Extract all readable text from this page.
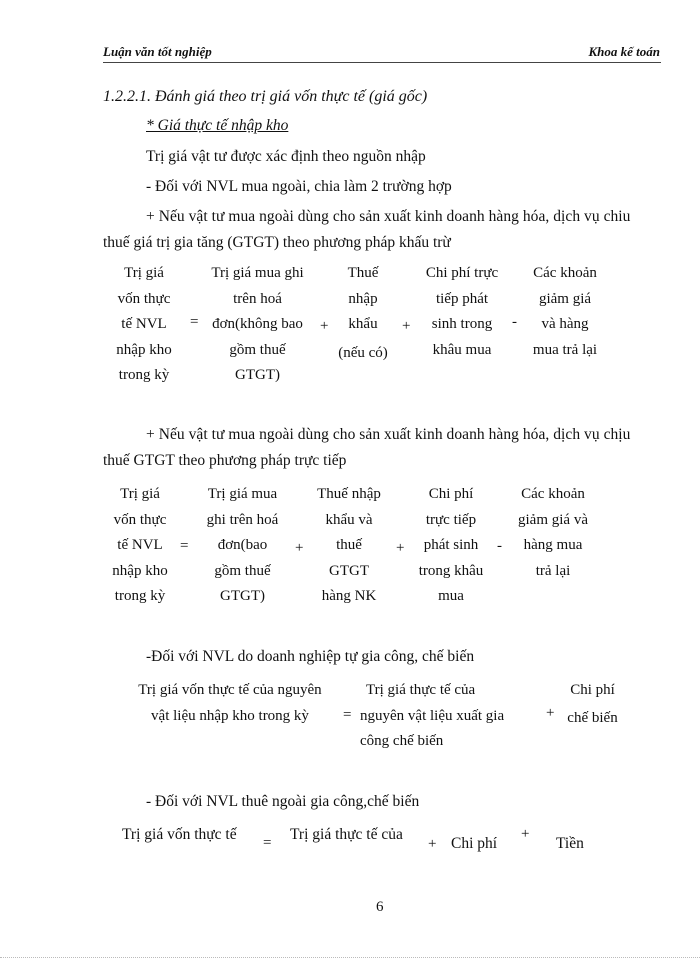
Luận văn tốt nghiệp	Khoa kế toán
1.2.2.1. Đánh giá theo trị giá vốn thực tế (giá gốc)
* Giá thực tế nhập kho
Trị giá vật tư được xác định theo nguồn nhập
- Đối với NVL mua ngoài, chia làm 2 trường hợp
+ Nếu vật tư mua ngoài dùng cho sản xuất kinh doanh hàng hóa, dịch vụ chiu
thuế giá trị gia tăng (GTGT) theo phương pháp khấu trừ
Trị giá
vốn thực
tế NVL
nhập kho
trong kỳ
=
Trị giá mua ghi
trên hoá
đơn(không bao
gồm thuế
GTGT)
+
Thuế
nhập
khẩu
(nếu có)
+
Chi phí trực
tiếp phát
sinh trong
khâu mua
-
Các khoản
giảm giá
và hàng
mua trả lại
+ Nếu vật tư mua ngoài dùng cho sản xuất kinh doanh hàng hóa, dịch vụ chịu
thuế GTGT theo phương pháp trực tiếp
Trị giá
vốn thực
tế NVL
nhập kho
trong kỳ
=
Trị giá mua
ghi trên hoá
đơn(bao
gồm thuế
GTGT)
+
Thuế nhập
khẩu và
thuế
GTGT
hàng NK
+
Chi phí
trực tiếp
phát sinh
trong khâu
mua
-
Các khoản
giảm giá và
hàng mua
trả lại
-Đối với NVL do doanh nghiệp tự gia công, chế biến
Trị giá vốn thực tế của nguyên
vật liệu nhập kho trong kỳ	=
Trị giá thực tế của
nguyên vật liệu xuất gia
công chế biến
+
Chi phí
chế biến
- Đối với NVL thuê ngoài gia công,chế biến
Trị giá vốn thực tế = Trị giá thực tế của
+ Chi phí
+
Tiền
6
